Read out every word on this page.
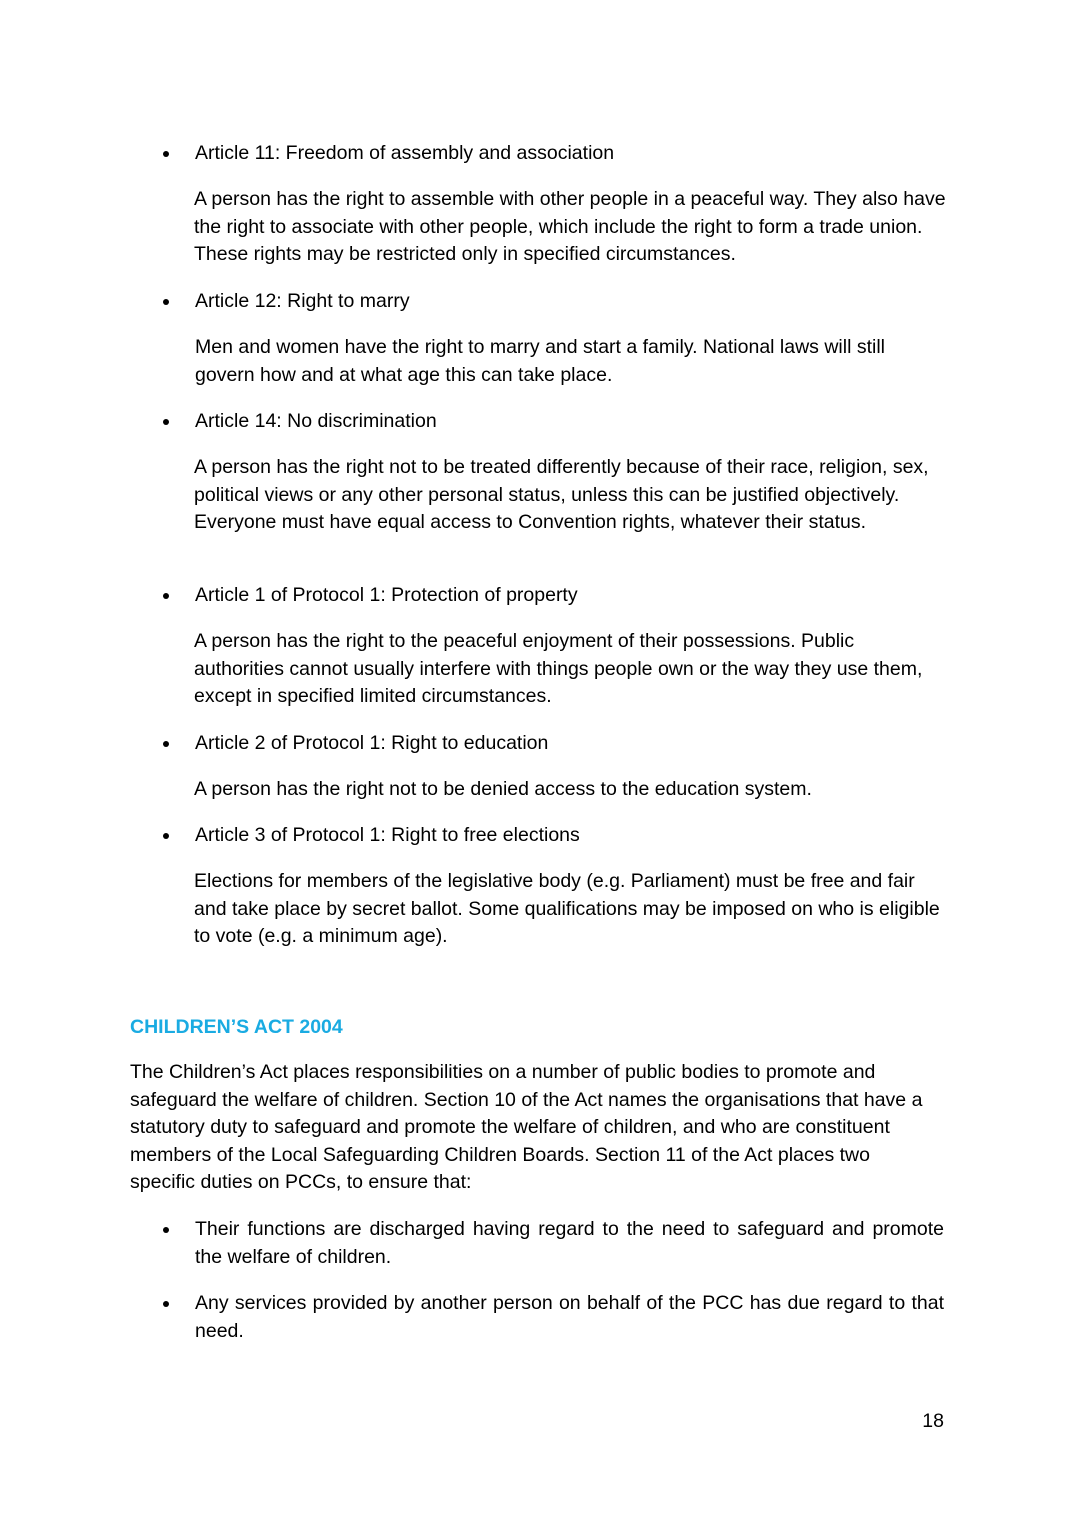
Article 11: Freedom of assembly and association

A person has the right to assemble with other people in a peaceful way. They also have the right to associate with other people, which include the right to form a trade union. These rights may be restricted only in specified circumstances.

Article 12: Right to marry

Men and women have the right to marry and start a family. National laws will still govern how and at what age this can take place.

Article 14: No discrimination

A person has the right not to be treated differently because of their race, religion, sex, political views or any other personal status, unless this can be justified objectively. Everyone must have equal access to Convention rights, whatever their status.

Article 1 of Protocol 1: Protection of property

A person has the right to the peaceful enjoyment of their possessions. Public authorities cannot usually interfere with things people own or the way they use them, except in specified limited circumstances.

Article 2 of Protocol 1: Right to education

A person has the right not to be denied access to the education system.

Article 3 of Protocol 1: Right to free elections

Elections for members of the legislative body (e.g. Parliament) must be free and fair and take place by secret ballot. Some qualifications may be imposed on who is eligible to vote (e.g. a minimum age).

CHILDREN’S ACT 2004

The Children’s Act places responsibilities on a number of public bodies to promote and safeguard the welfare of children. Section 10 of the Act names the organisations that have a statutory duty to safeguard and promote the welfare of children, and who are constituent members of the Local Safeguarding Children Boards. Section 11 of the Act places two specific duties on PCCs, to ensure that:

Their functions are discharged having regard to the need to safeguard and promote the welfare of children.

Any services provided by another person on behalf of the PCC has due regard to that need.

18
